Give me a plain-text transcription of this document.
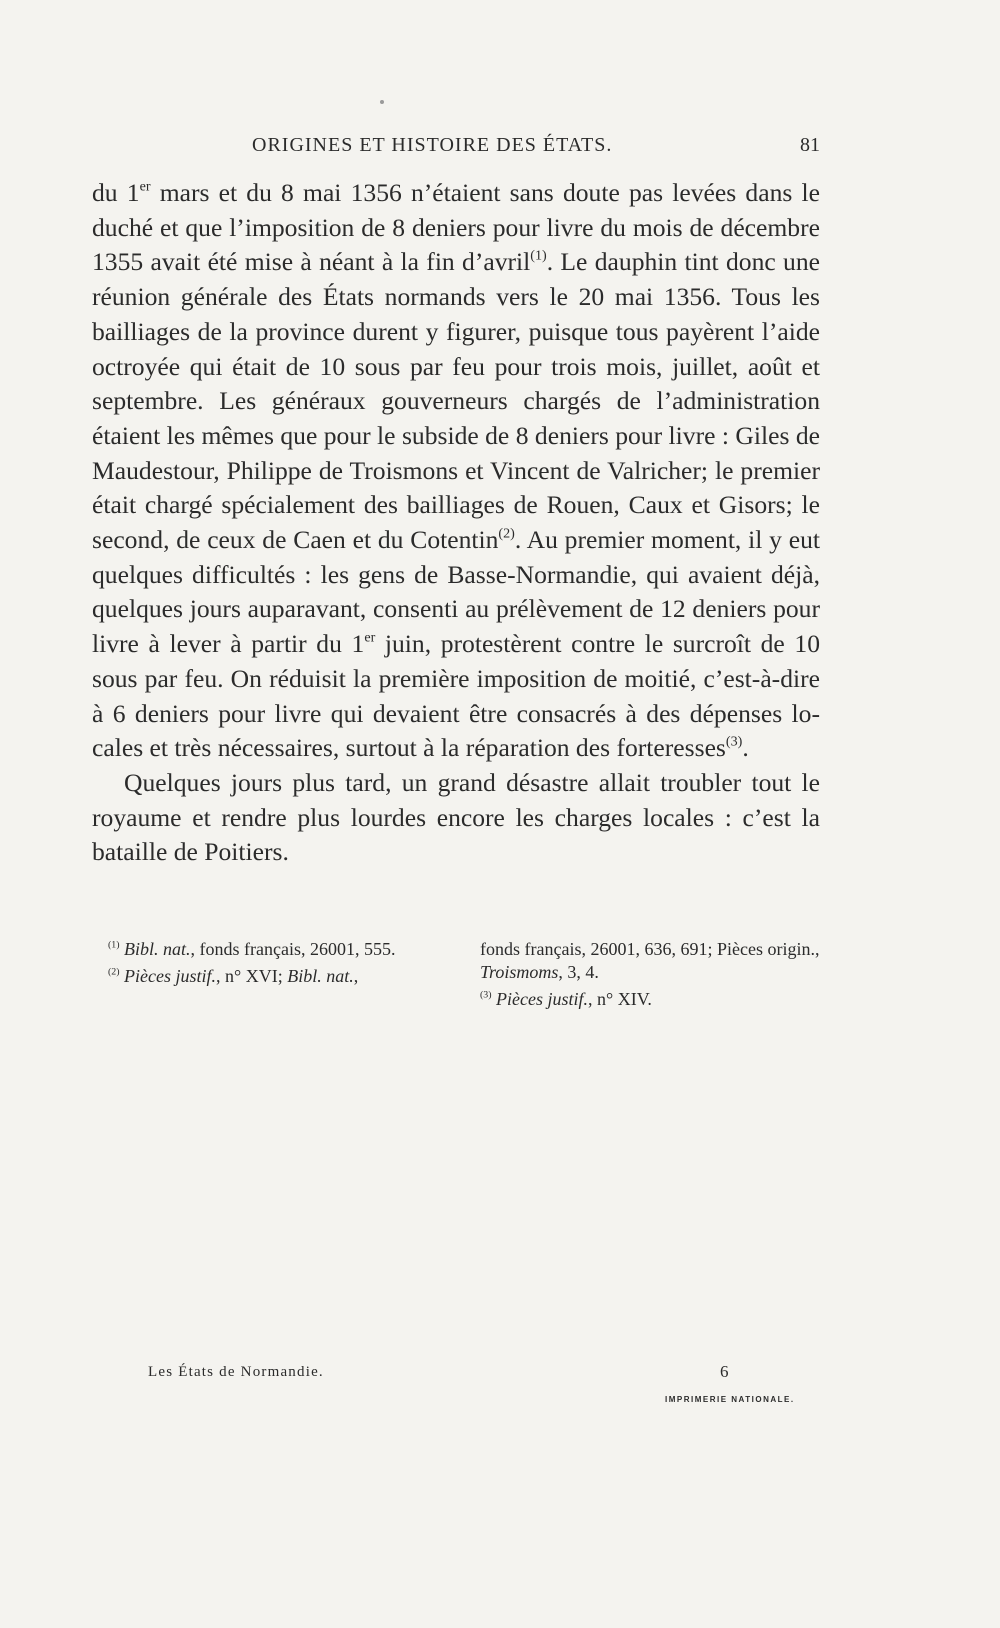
ORIGINES ET HISTOIRE DES ÉTATS.	81

du 1er mars et du 8 mai 1356 n’étaient sans doute pas levées dans le duché et que l’imposition de 8 deniers pour livre du mois de décembre 1355 avait été mise à néant à la fin d’avril$^{(1)}$. Le dauphin tint donc une réunion générale des États normands vers le 20 mai 1356. Tous les bailliages de la province durent y figurer, puisque tous payèrent l’aide octroyée qui était de 10 sous par feu pour trois mois, juillet, août et septembre. Les généraux gouverneurs chargés de l’administration étaient les mêmes que pour le subside de 8 deniers pour livre : Giles de Maudestour, Philippe de Troismons et Vincent de Valricher; le premier était chargé spécialement des bailliages de Rouen, Caux et Gisors; le second, de ceux de Caen et du Cotentin$^{(2)}$. Au premier moment, il y eut quelques difficultés : les gens de Basse-Normandie, qui avaient déjà, quelques jours auparavant, consenti au prélèvement de 12 deniers pour livre à lever à partir du 1er juin, protestèrent contre le surcroît de 10 sous par feu. On réduisit la première imposition de moitié, c’est-à-dire à 6 deniers pour livre qui devaient être consacrés à des dépenses locales et très nécessaires, surtout à la réparation des forteresses$^{(3)}$.

Quelques jours plus tard, un grand désastre allait troubler tout le royaume et rendre plus lourdes encore les charges locales : c’est la bataille de Poitiers.

$^{(1)}$ Bibl. nat., fonds français, 26001, 555.

$^{(2)}$ Pièces justif., n° XVI; Bibl. nat.,

fonds français, 26001, 636, 691; Pièces origin., Troismoms, 3, 4.

$^{(3)}$ Pièces justif., n° XIV.

Les États de Normandie.	6
IMPRIMERIE NATIONALE.
